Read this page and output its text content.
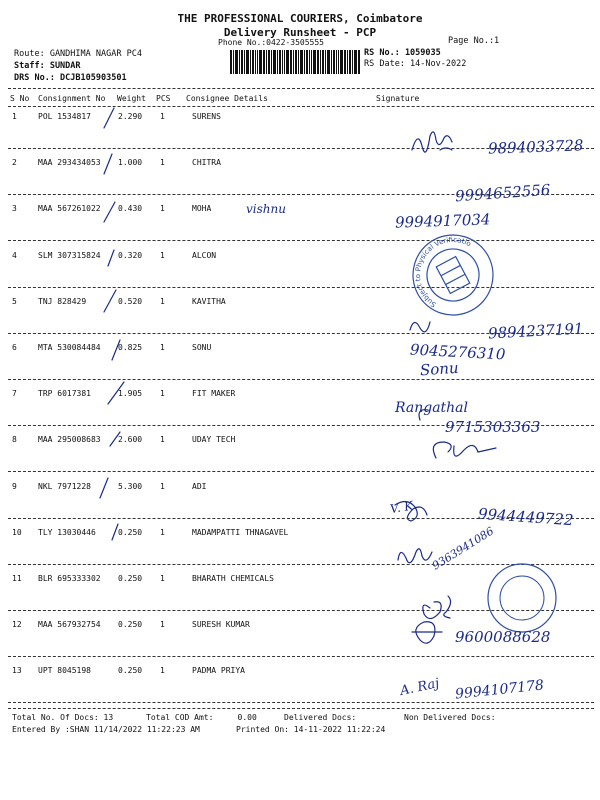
THE PROFESSIONAL COURIERS, Coimbatore
Delivery Runsheet - PCP
Phone No.:0422-3505555	Page No.:1
Route: GANDHIMA NAGAR PC4
Staff: SUNDAR
DRS No.: DCJB105903501
RS No.: 1059035
RS Date: 14-Nov-2022
S No Consignment No Weight PCS Consignee Details	Signature
1	POL 1534817	2.290 1	SURENS
2	MAA 293434053 1.000 1	CHITRA
3	MAA 567261022 0.430 1	MOHA
4	SLM 307315824 0.320 1	ALCON
5	TNJ 828429	0.520 1	KAVITHA
6	MTA 530084484 0.825 1	SONU
7	TRP 6017381	1.905 1	FIT MAKER
8	MAA 295008683 2.600 1	UDAY TECH
9	NKL 7971228	5.300 1	ADI
10 TLY 13030446	0.250 1	MADAMPATTI THNAGAVEL
11 BLR 695333302 0.250 1	BHARATH CHEMICALS
12 MAA 567932754 0.250 1	SURESH KUMAR
13 UPT 8045198	0.250 1	PADMA PRIYA
Subject to Physical Verification
9894033728
9994652556
9994917034
vishnu
9894237191
9045276310
Sonu
Rangathal
9715303363
V. K.	9944449722
9363941086
9600088628
A. Raj 9994107178
Total No. Of Docs: 13	Total COD Amt:     0.00	Delivered Docs:	Non Delivered Docs:
Entered By :SHAN 11/14/2022 11:22:23 AM	Printed On: 14-11-2022 11:22:24
